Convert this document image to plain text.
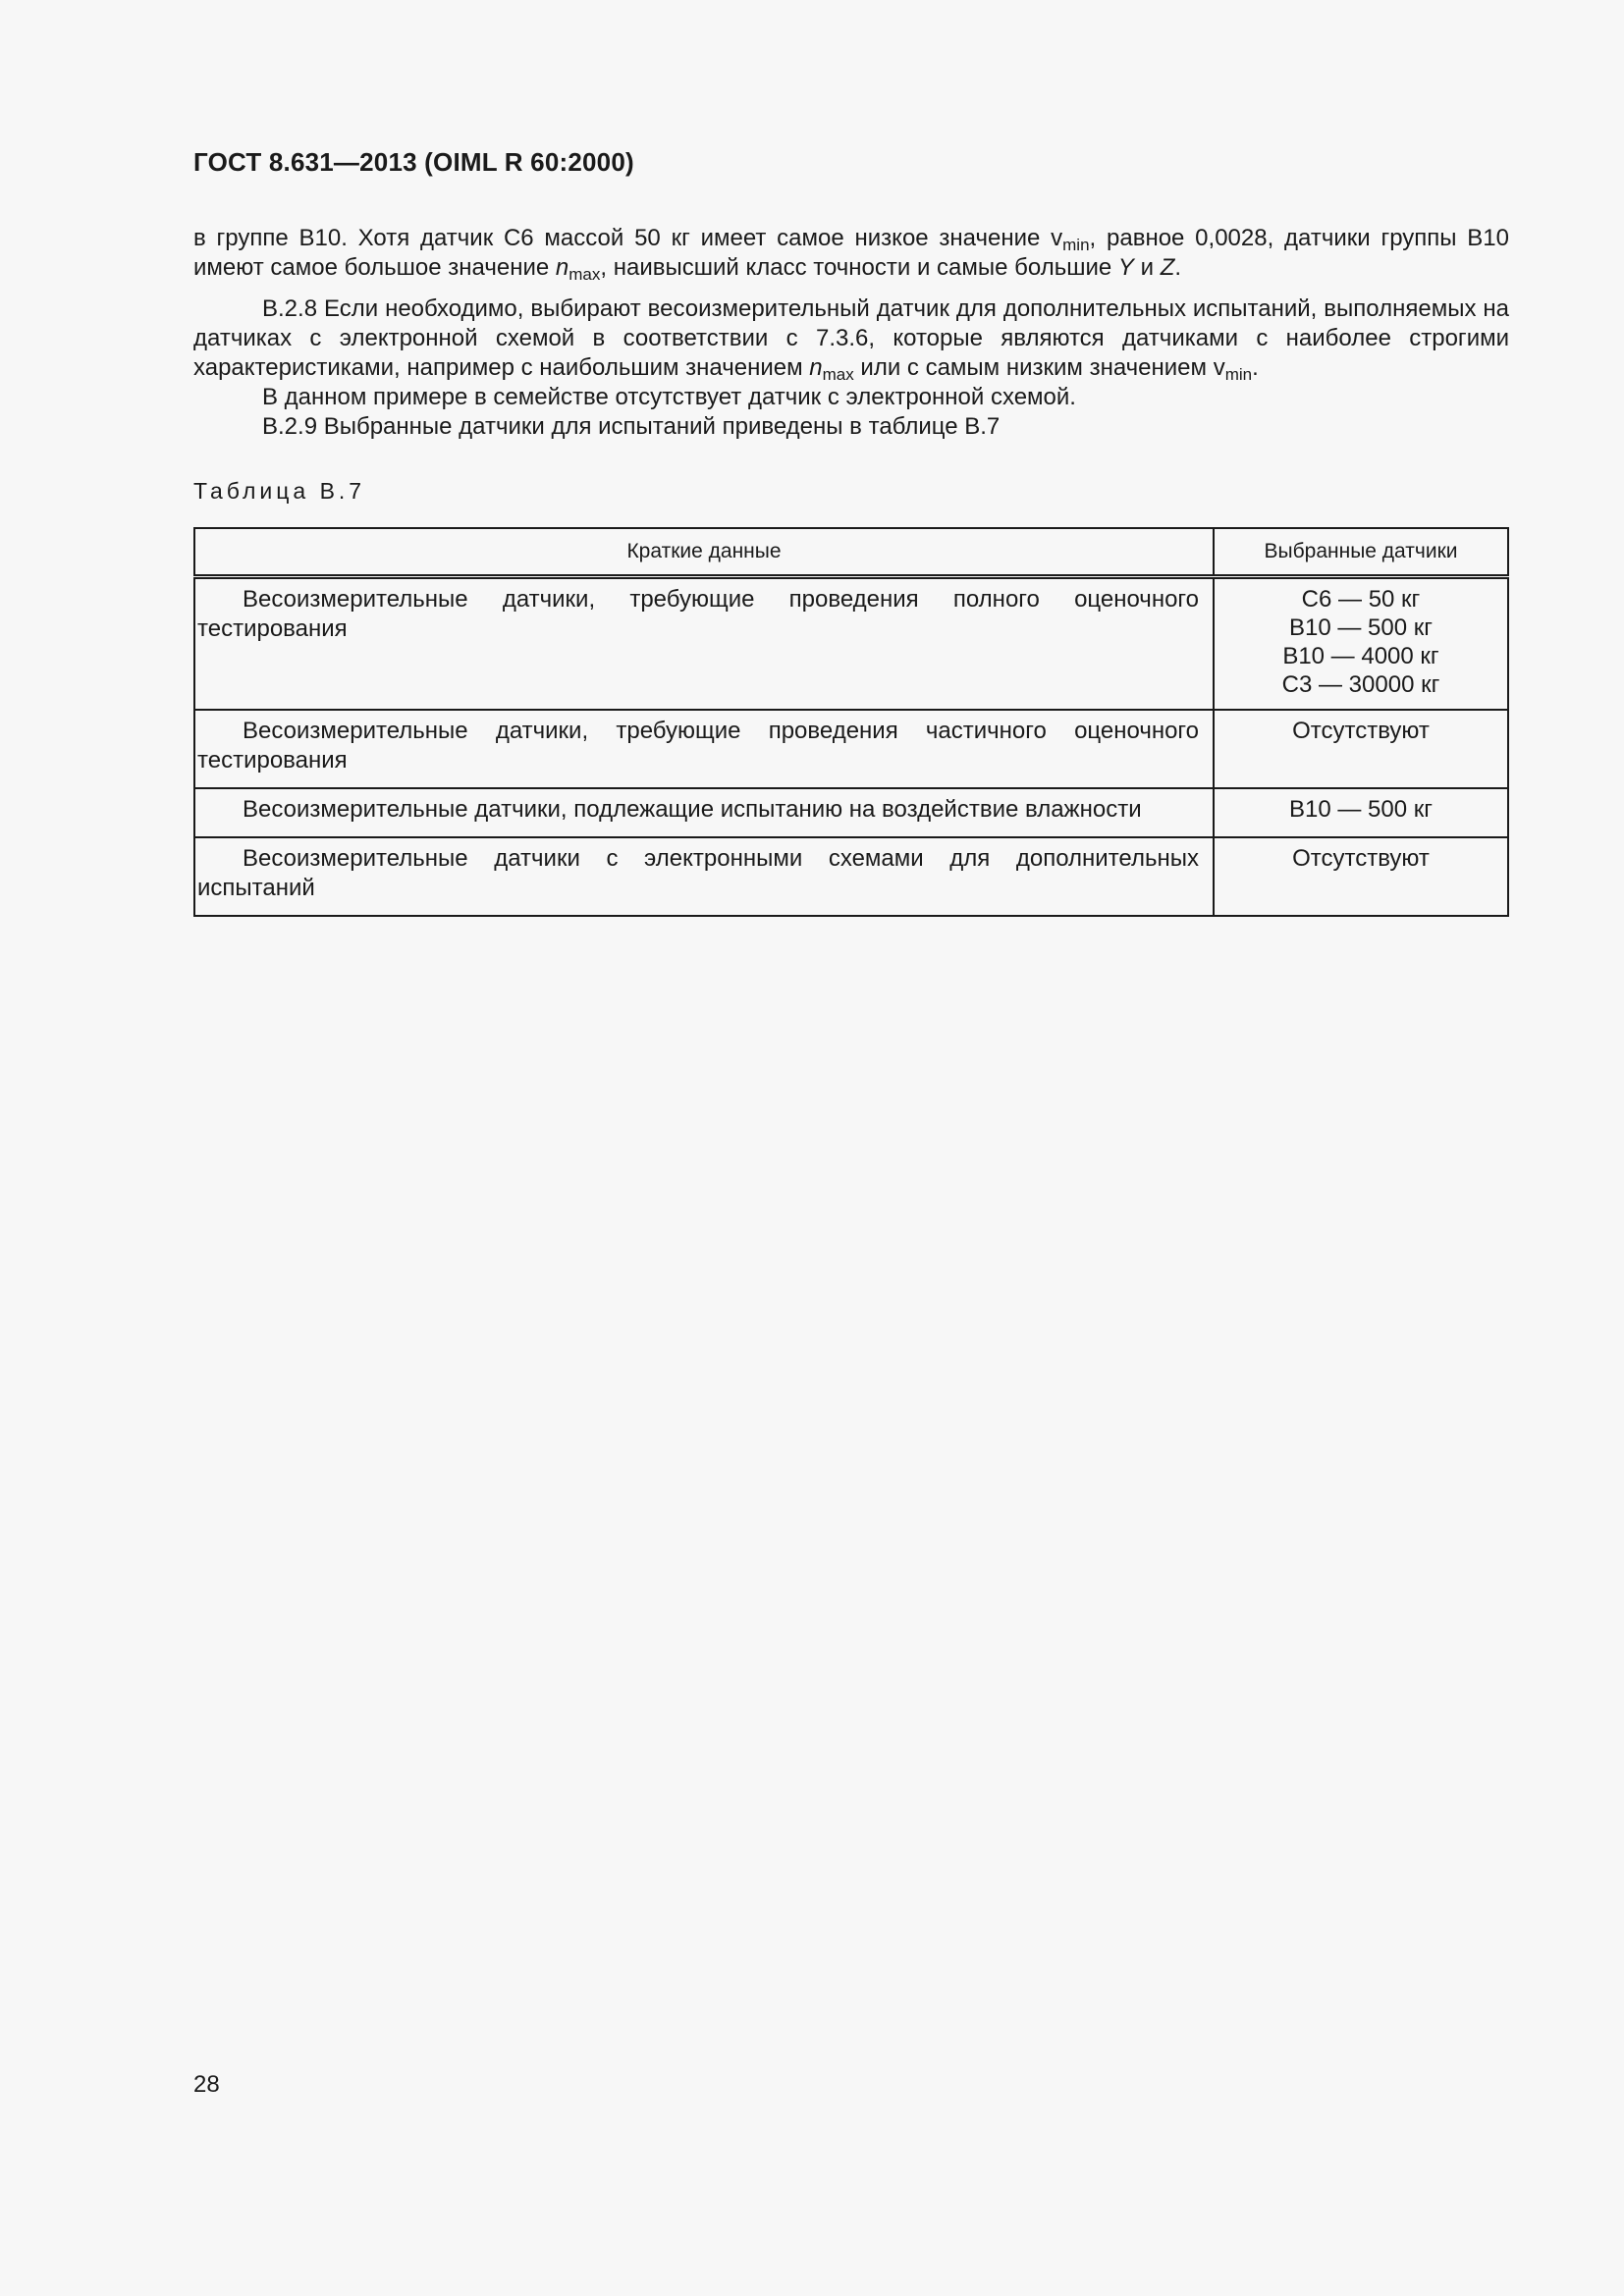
ГОСТ 8.631—2013 (OIML R 60:2000)

в группе В10. Хотя датчик С6 массой 50 кг имеет самое низкое значение $v_{min}$, равное 0,0028, датчики группы В10 имеют самое большое значение $n_{max}$, наивысший класс точности и самые большие Y и Z.

В.2.8 Если необходимо, выбирают весоизмерительный датчик для дополнительных испытаний, выполняемых на датчиках с электронной схемой в соответствии с 7.3.6, которые являются датчиками с наиболее строгими характеристиками, например с наибольшим значением $n_{max}$ или с самым низким значением $v_{min}$.

В данном примере в семействе отсутствует датчик с электронной схемой.

В.2.9 Выбранные датчики для испытаний приведены в таблице В.7

Таблица В.7
Краткие данные	Выбранные датчики
Весоизмерительные датчики, требующие проведения полного оценочного тестирования	С6 — 50 кг
В10 — 500 кг
В10 — 4000 кг
С3 — 30000 кг

Весоизмерительные датчики, требующие проведения частичного оценочного тестирования	Отсутствуют

Весоизмерительные датчики, подлежащие испытанию на воздействие влажности	В10 — 500 кг

Весоизмерительные датчики с электронными схемами для дополнительных испытаний	Отсутствуют
28
